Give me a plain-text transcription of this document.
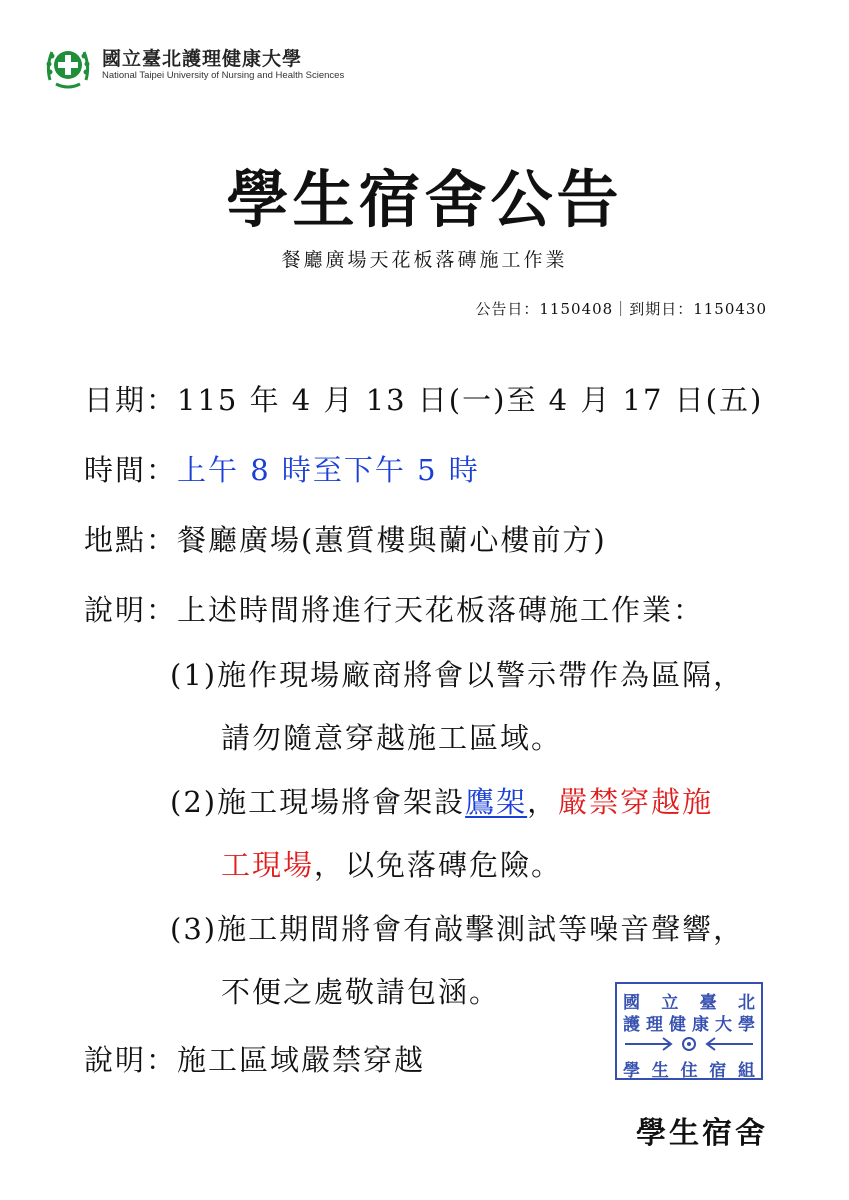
國立臺北護理健康大學
National Taipei University of Nursing and Health Sciences
學生宿舍公告
餐廳廣場天花板落磚施工作業
公告日：1150408｜到期日：1150430
日期：115 年 4 月 13 日(一)至 4 月 17 日(五)
時間：上午 8 時至下午 5 時
地點：餐廳廣場(蕙質樓與蘭心樓前方)
說明：上述時間將進行天花板落磚施工作業：
(1)施作現場廠商將會以警示帶作為區隔，
請勿隨意穿越施工區域。
(2)施工現場將會架設鷹架，嚴禁穿越施
工現場，以免落磚危險。
(3)施工期間將會有敲擊測試等噪音聲響，
不便之處敬請包涵。
說明：施工區域嚴禁穿越
國 立 臺 北
護 理 健 康 大 學
學 生 住 宿 組
學生宿舍
